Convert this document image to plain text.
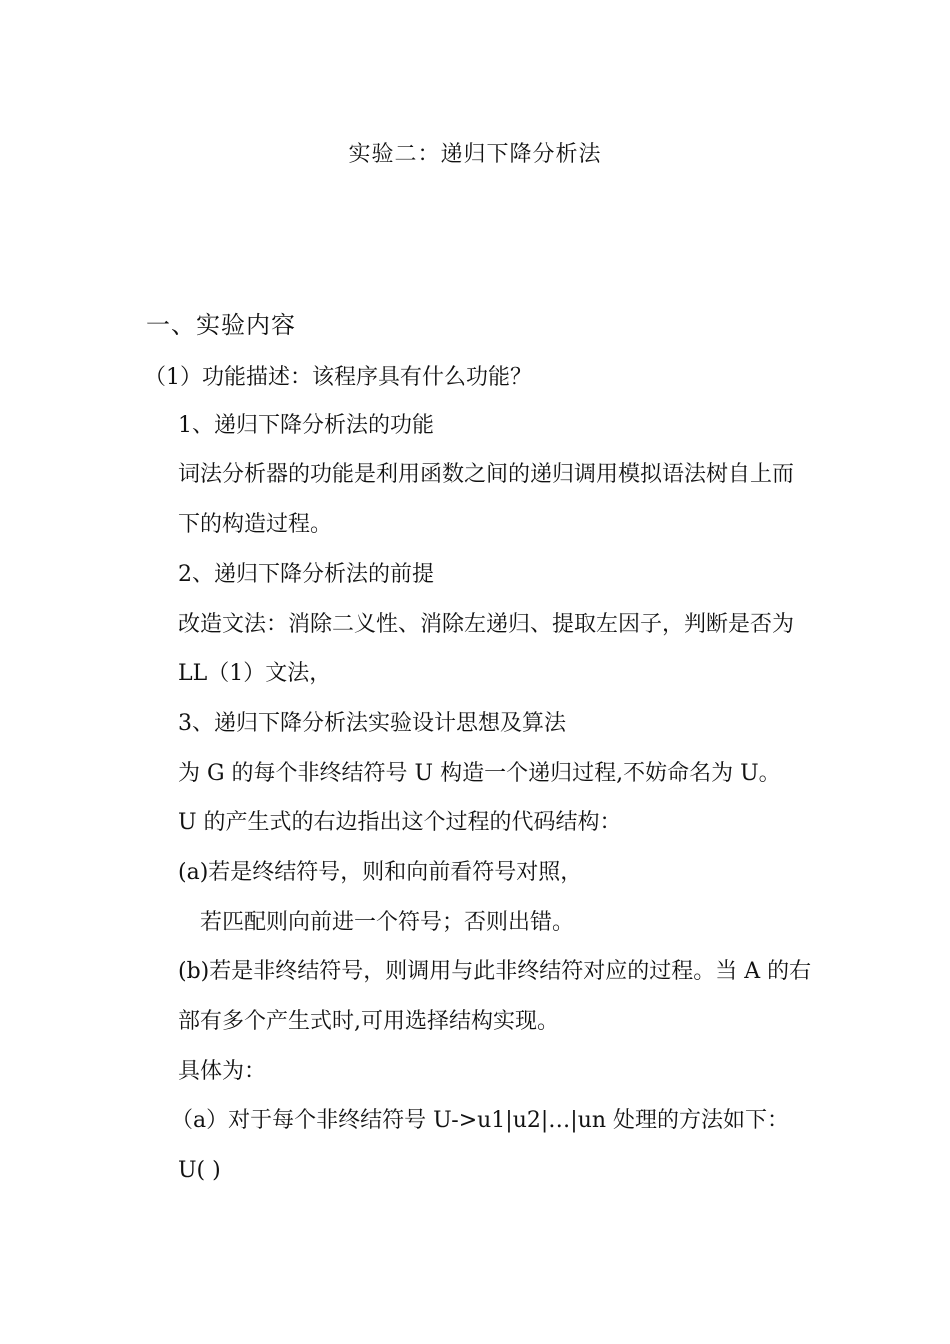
实验二：递归下降分析法
一、实验内容
（1）功能描述：该程序具有什么功能？
1、递归下降分析法的功能
词法分析器的功能是利用函数之间的递归调用模拟语法树自上而
下的构造过程。
2、递归下降分析法的前提
改造文法：消除二义性、消除左递归、提取左因子，判断是否为
LL（1）文法，
3、递归下降分析法实验设计思想及算法
为 G 的每个非终结符号 U 构造一个递归过程,不妨命名为 U。
U 的产生式的右边指出这个过程的代码结构：
(a)若是终结符号，则和向前看符号对照，
若匹配则向前进一个符号；否则出错。
(b)若是非终结符号，则调用与此非终结符对应的过程。当 A 的右
部有多个产生式时,可用选择结构实现。
具体为：
（a）对于每个非终结符号 U->u1|u2|…|un 处理的方法如下：
U( )
